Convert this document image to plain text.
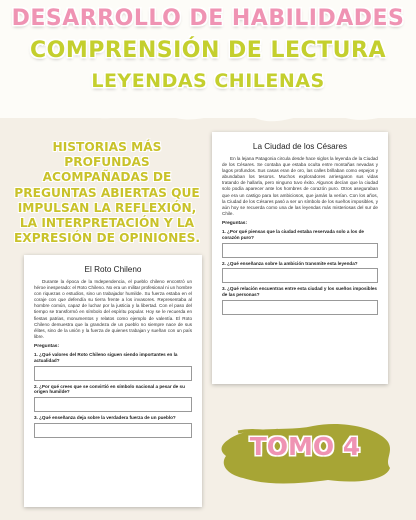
DESARROLLO DE HABILIDADES
COMPRENSIÓN DE LECTURA
LEYENDAS CHILENAS
HISTORIAS MÁS PROFUNDAS ACOMPAÑADAS DE PREGUNTAS ABIERTAS QUE IMPULSAN LA REFLEXIÓN, LA INTERPRETACIÓN Y LA EXPRESIÓN DE OPINIONES.
La Ciudad de los Césares

En la lejana Patagonia circula desde hace siglos la leyenda de la Ciudad de los Césares. Se contaba que estaba oculta entre montañas nevadas y lagos profundos. Sus casas eran de oro, las calles brillaban como espejos y abundaban los tesoros. Muchos exploradores arriesgaron sus vidas tratando de hallarla, pero ninguno tuvo éxito. Algunos decían que la ciudad solo podía aparecer ante los hombres de corazón puro. Otros aseguraban que era un castigo para los ambiciosos, que jamás la verían. Con los años, la Ciudad de los Césares pasó a ser un símbolo de los sueños imposibles, y aún hoy se recuerda como una de las leyendas más misteriosas del sur de Chile.

Preguntas:
1. ¿Por qué piensas que la ciudad estaba reservada solo a los de corazón puro?
2. ¿Qué enseñanza sobre la ambición transmite esta leyenda?
3. ¿Qué relación encuentras entre esta ciudad y los sueños imposibles de las personas?
El Roto Chileno

Durante la época de la Independencia, el pueblo chileno encontró un héroe inesperado: el Roto Chileno. No era un militar profesional ni un hombre con riquezas o estudios, sino un trabajador humilde. Su fuerza estaba en el coraje con que defendía su tierra frente a los invasores. Representaba al hombre común, capaz de luchar por la justicia y la libertad. Con el paso del tiempo se transformó en símbolo del espíritu popular. Hoy se le recuerda en fiestas patrias, monumentos y relatos como ejemplo de valentía. El Roto Chileno demuestra que la grandeza de un pueblo no siempre nace de sus élites, sino de la unión y la fuerza de quienes trabajan y sueñan con un país libre.

Preguntas:
1. ¿Qué valores del Roto Chileno siguen siendo importantes en la actualidad?
2. ¿Por qué crees que se convirtió en símbolo nacional a pesar de su origen humilde?
3. ¿Qué enseñanza deja sobre la verdadera fuerza de un pueblo?
TOMO 4
